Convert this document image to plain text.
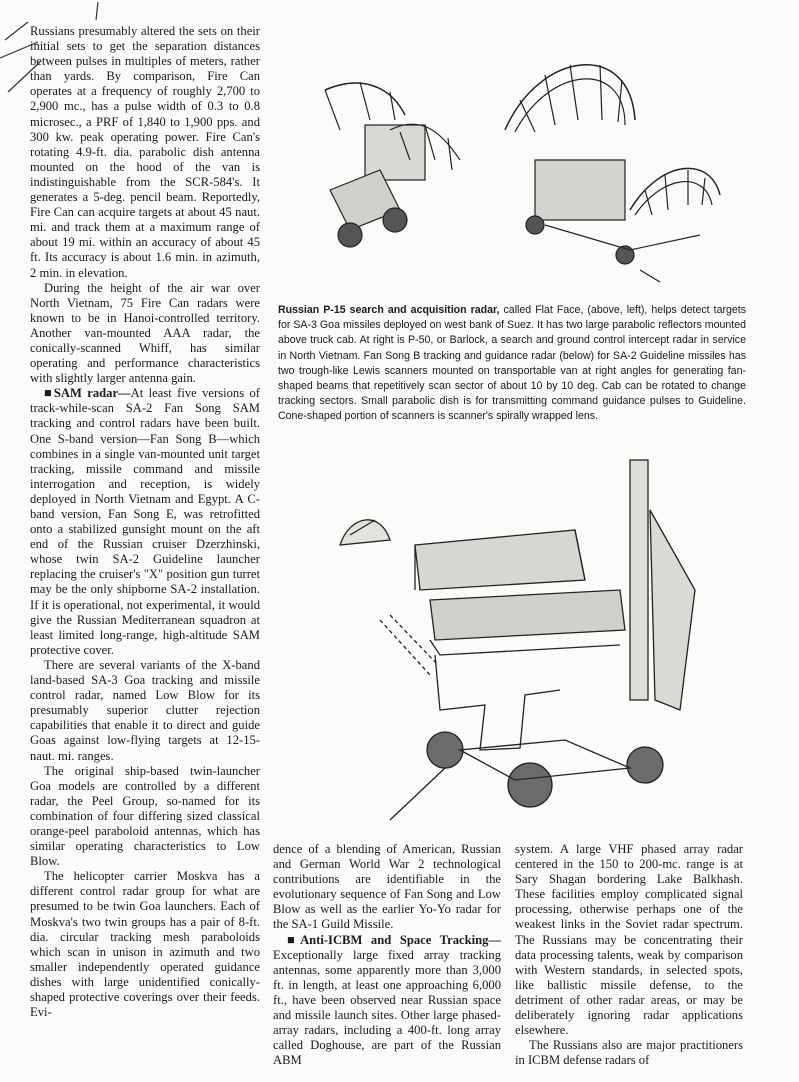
Russians presumably altered the sets on their initial sets to get the separation distances between pulses in multiples of meters, rather than yards. By comparison, Fire Can operates at a frequency of roughly 2,700 to 2,900 mc., has a pulse width of 0.3 to 0.8 microsec., a PRF of 1,840 to 1,900 pps. and 300 kw. peak operating power. Fire Can's rotating 4.9-ft. dia. parabolic dish antenna mounted on the hood of the van is indistinguishable from the SCR-584's. It generates a 5-deg. pencil beam. Reportedly, Fire Can can acquire targets at about 45 naut. mi. and track them at a maximum range of about 19 mi. within an accuracy of about 45 ft. Its accuracy is about 1.6 min. in azimuth, 2 min. in elevation.

During the height of the air war over North Vietnam, 75 Fire Can radars were known to be in Hanoi-controlled territory. Another van-mounted AAA radar, the conically-scanned Whiff, has similar operating and performance characteristics with slightly larger antenna gain.

■SAM radar—At least five versions of track-while-scan SA-2 Fan Song SAM tracking and control radars have been built. One S-band version—Fan Song B—which combines in a single van-mounted unit target tracking, missile command and missile interrogation and reception, is widely deployed in North Vietnam and Egypt. A C-band version, Fan Song E, was retrofitted onto a stabilized gunsight mount on the aft end of the Russian cruiser Dzerzhinski, whose twin SA-2 Guideline launcher replacing the cruiser's "X" position gun turret may be the only shipborne SA-2 installation. If it is operational, not experimental, it would give the Russian Mediterranean squadron at least limited long-range, high-altitude SAM protective cover.

There are several variants of the X-band land-based SA-3 Goa tracking and missile control radar, named Low Blow for its presumably superior clutter rejection capabilities that enable it to direct and guide Goas against low-flying targets at 12-15-naut. mi. ranges.

The original ship-based twin-launcher Goa models are controlled by a different radar, the Peel Group, so-named for its combination of four differing sized classical orange-peel paraboloid antennas, which has similar operating characteristics to Low Blow.

The helicopter carrier Moskva has a different control radar group for what are presumed to be twin Goa launchers. Each of Moskva's two twin groups has a pair of 8-ft. dia. circular tracking mesh paraboloids which scan in unison in azimuth and two smaller independently operated guidance dishes with large unidentified conically-shaped protective coverings over their feeds. Evi-

Russian P-15 search and acquisition radar, called Flat Face, (above, left), helps detect targets for SA-3 Goa missiles deployed on west bank of Suez. It has two large parabolic reflectors mounted above truck cab. At right is P-50, or Barlock, a search and ground control intercept radar in service in North Vietnam. Fan Song B tracking and guidance radar (below) for SA-2 Guideline missiles has two trough-like Lewis scanners mounted on transportable van at right angles for generating fan-shaped beams that repetitively scan sector of about 10 by 10 deg. Cab can be rotated to change tracking sectors. Small parabolic dish is for transmitting command guidance pulses to Guideline. Cone-shaped portion of scanners is scanner's spirally wrapped lens.

dence of a blending of American, Russian and German World War 2 technological contributions are identifiable in the evolutionary sequence of Fan Song and Low Blow as well as the earlier Yo-Yo radar for the SA-1 Guild Missile.

■Anti-ICBM and Space Tracking—Exceptionally large fixed array tracking antennas, some apparently more than 3,000 ft. in length, at least one approaching 6,000 ft., have been observed near Russian space and missile launch sites. Other large phased-array radars, including a 400-ft. long array called Doghouse, are part of the Russian ABM

system. A large VHF phased array radar centered in the 150 to 200-mc. range is at Sary Shagan bordering Lake Balkhash. These facilities employ complicated signal processing, otherwise perhaps one of the weakest links in the Soviet radar spectrum. The Russians may be concentrating their data processing talents, weak by comparison with Western standards, in selected spots, like ballistic missile defense, to the detriment of other radar areas, or may be deliberately ignoring radar applications elsewhere.

The Russians also are major practitioners in ICBM defense radars of
